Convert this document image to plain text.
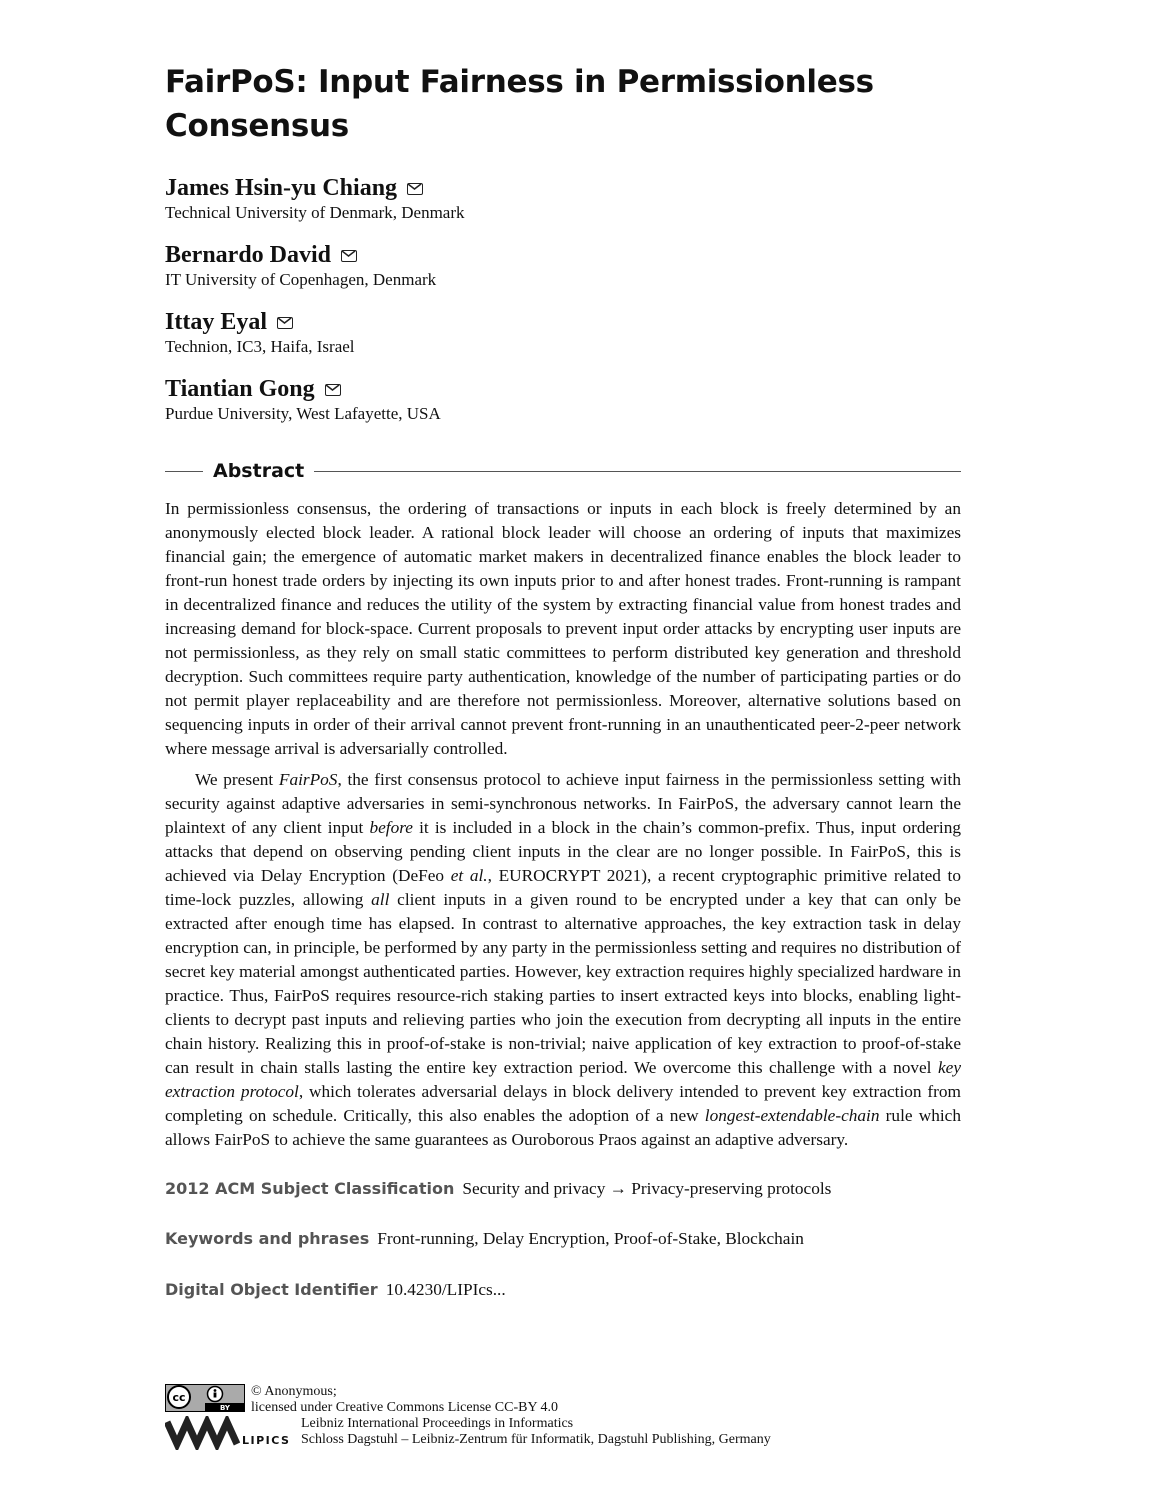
FairPoS: Input Fairness in Permissionless
Consensus
James Hsin-yu Chiang
Technical University of Denmark, Denmark
Bernardo David
IT University of Copenhagen, Denmark
Ittay Eyal
Technion, IC3, Haifa, Israel
Tiantian Gong
Purdue University, West Lafayette, USA
Abstract

In permissionless consensus, the ordering of transactions or inputs in each block is freely determined by an anonymously elected block leader. A rational block leader will choose an ordering of inputs that maximizes financial gain; the emergence of automatic market makers in decentralized finance enables the block leader to front-run honest trade orders by injecting its own inputs prior to and after honest trades. Front-running is rampant in decentralized finance and reduces the utility of the system by extracting financial value from honest trades and increasing demand for block-space. Current proposals to prevent input order attacks by encrypting user inputs are not permissionless, as they rely on small static committees to perform distributed key generation and threshold decryption. Such committees require party authentication, knowledge of the number of participating parties or do not permit player replaceability and are therefore not permissionless. Moreover, alternative solutions based on sequencing inputs in order of their arrival cannot prevent front-running in an unauthenticated peer-2-peer network where message arrival is adversarially controlled.

We present FairPoS, the first consensus protocol to achieve input fairness in the permissionless setting with security against adaptive adversaries in semi-synchronous networks. In FairPoS, the adversary cannot learn the plaintext of any client input before it is included in a block in the chain’s common-prefix. Thus, input ordering attacks that depend on observing pending client inputs in the clear are no longer possible. In FairPoS, this is achieved via Delay Encryption (DeFeo et al., EUROCRYPT 2021), a recent cryptographic primitive related to time-lock puzzles, allowing all client inputs in a given round to be encrypted under a key that can only be extracted after enough time has elapsed. In contrast to alternative approaches, the key extraction task in delay encryption can, in principle, be performed by any party in the permissionless setting and requires no distribution of secret key material amongst authenticated parties. However, key extraction requires highly specialized hardware in practice. Thus, FairPoS requires resource-rich staking parties to insert extracted keys into blocks, enabling light-clients to decrypt past inputs and relieving parties who join the execution from decrypting all inputs in the entire chain history. Realizing this in proof-of-stake is non-trivial; naive application of key extraction to proof-of-stake can result in chain stalls lasting the entire key extraction period. We overcome this challenge with a novel key extraction protocol, which tolerates adversarial delays in block delivery intended to prevent key extraction from completing on schedule. Critically, this also enables the adoption of a new longest-extendable-chain rule which allows FairPoS to achieve the same guarantees as Ouroborous Praos against an adaptive adversary.

2012 ACM Subject Classification Security and privacy → Privacy-preserving protocols
Keywords and phrases Front-running, Delay Encryption, Proof-of-Stake, Blockchain
Digital Object Identifier 10.4230/LIPIcs...
cc
BY
© Anonymous;
licensed under Creative Commons License CC-BY 4.0
LIPICS
Leibniz International Proceedings in Informatics
Schloss Dagstuhl – Leibniz-Zentrum für Informatik, Dagstuhl Publishing, Germany
